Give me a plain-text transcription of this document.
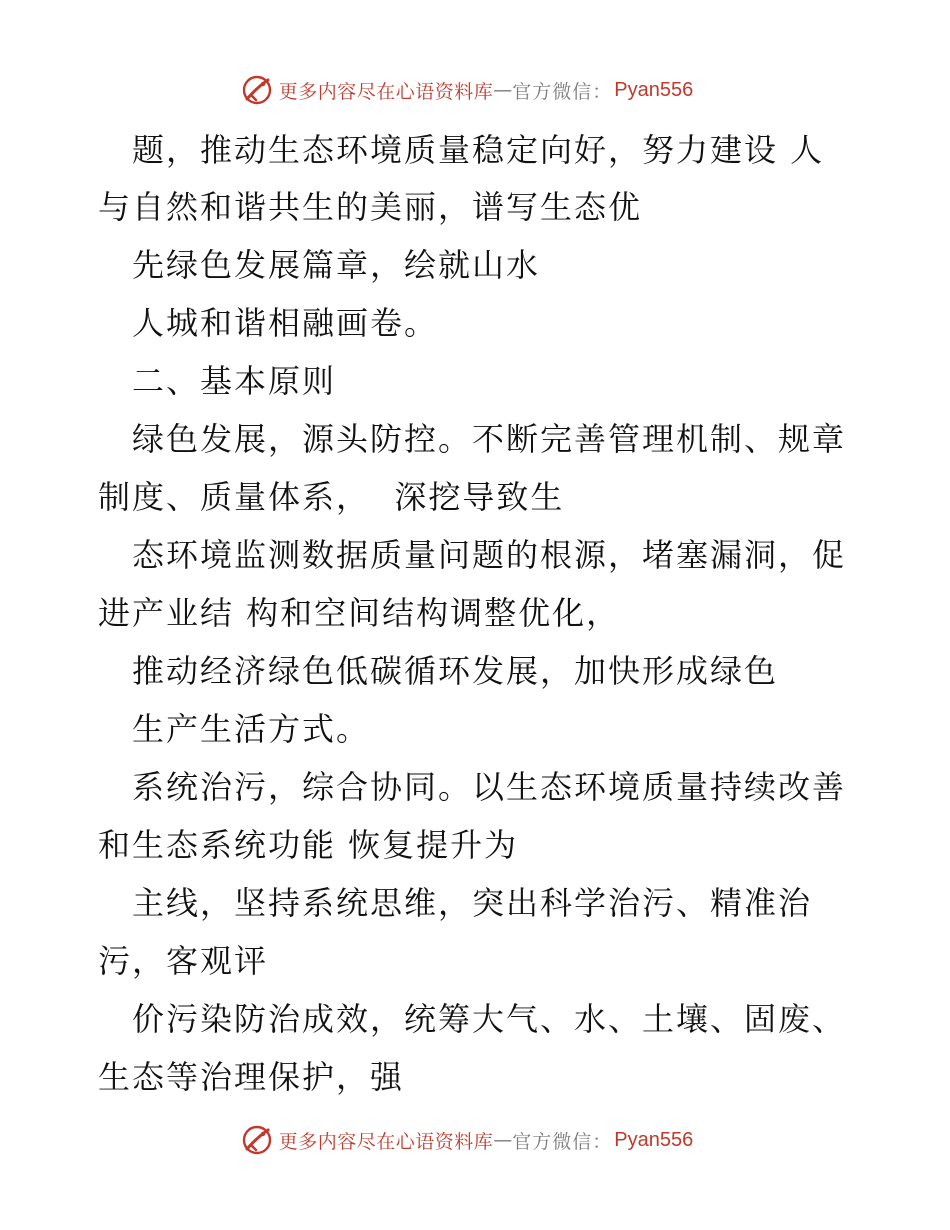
更多内容尽在心语资料库 — 官方微信： Pyan556
　题，推动生态环境质量稳定向好，努力建设 人
与自然和谐共生的美丽，谱写生态优
　先绿色发展篇章，绘就山水
　人城和谐相融画卷。
　二、基本原则
　绿色发展，源头防控。不断完善管理机制、规章
制度、质量体系，  深挖导致生
　态环境监测数据质量问题的根源，堵塞漏洞，促
进产业结 构和空间结构调整优化，
　推动经济绿色低碳循环发展，加快形成绿色
　生产生活方式。
　系统治污，综合协同。以生态环境质量持续改善
和生态系统功能 恢复提升为
　主线，坚持系统思维，突出科学治污、精准治
污，客观评
　价污染防治成效，统筹大气、水、土壤、固废、
生态等治理保护，强
更多内容尽在心语资料库 — 官方微信： Pyan556
